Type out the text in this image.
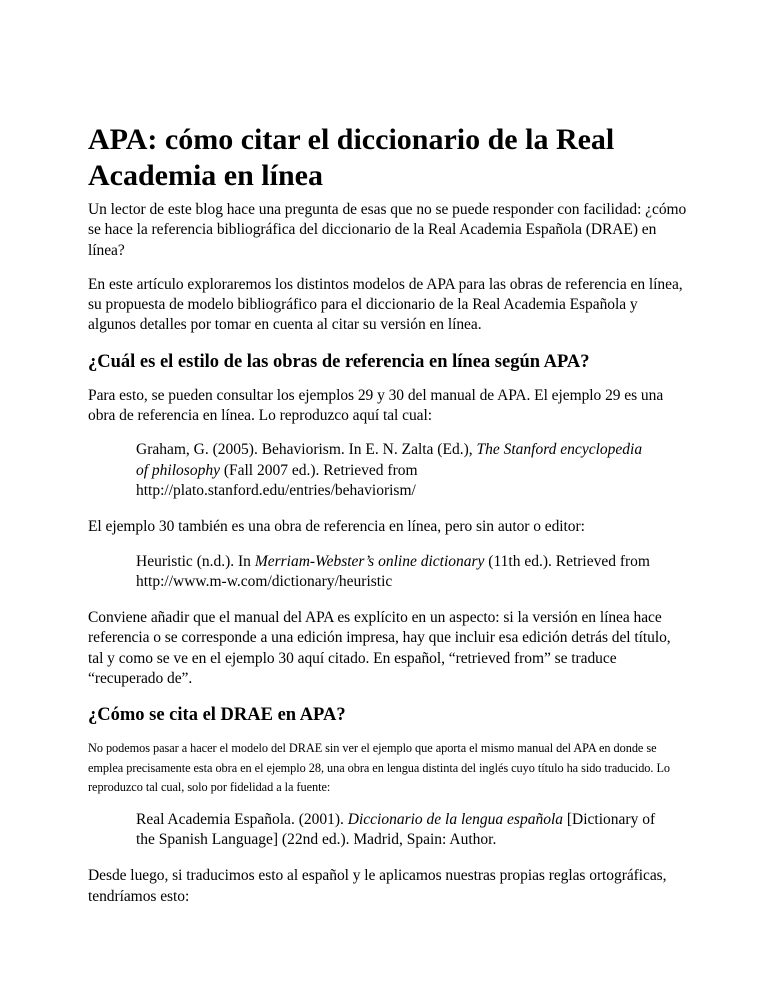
APA: cómo citar el diccionario de la Real Academia en línea

Un lector de este blog hace una pregunta de esas que no se puede responder con facilidad: ¿cómo se hace la referencia bibliográfica del diccionario de la Real Academia Española (DRAE) en línea?

En este artículo exploraremos los distintos modelos de APA para las obras de referencia en línea, su propuesta de modelo bibliográfico para el diccionario de la Real Academia Española y algunos detalles por tomar en cuenta al citar su versión en línea.

¿Cuál es el estilo de las obras de referencia en línea según APA?

Para esto, se pueden consultar los ejemplos 29 y 30 del manual de APA. El ejemplo 29 es una obra de referencia en línea. Lo reproduzco aquí tal cual:

Graham, G. (2005). Behaviorism. In E. N. Zalta (Ed.), The Stanford encyclopedia of philosophy (Fall 2007 ed.). Retrieved from http://plato.stanford.edu/entries/behaviorism/

El ejemplo 30 también es una obra de referencia en línea, pero sin autor o editor:

Heuristic (n.d.). In Merriam-Webster’s online dictionary (11th ed.). Retrieved from http://www.m-w.com/dictionary/heuristic

Conviene añadir que el manual del APA es explícito en un aspecto: si la versión en línea hace referencia o se corresponde a una edición impresa, hay que incluir esa edición detrás del título, tal y como se ve en el ejemplo 30 aquí citado. En español, “retrieved from” se traduce “recuperado de”.

¿Cómo se cita el DRAE en APA?

No podemos pasar a hacer el modelo del DRAE sin ver el ejemplo que aporta el mismo manual del APA en donde se emplea precisamente esta obra en el ejemplo 28, una obra en lengua distinta del inglés cuyo título ha sido traducido. Lo reproduzco tal cual, solo por fidelidad a la fuente:

Real Academia Española. (2001). Diccionario de la lengua española [Dictionary of the Spanish Language] (22nd ed.). Madrid, Spain: Author.

Desde luego, si traducimos esto al español y le aplicamos nuestras propias reglas ortográficas, tendríamos esto:
